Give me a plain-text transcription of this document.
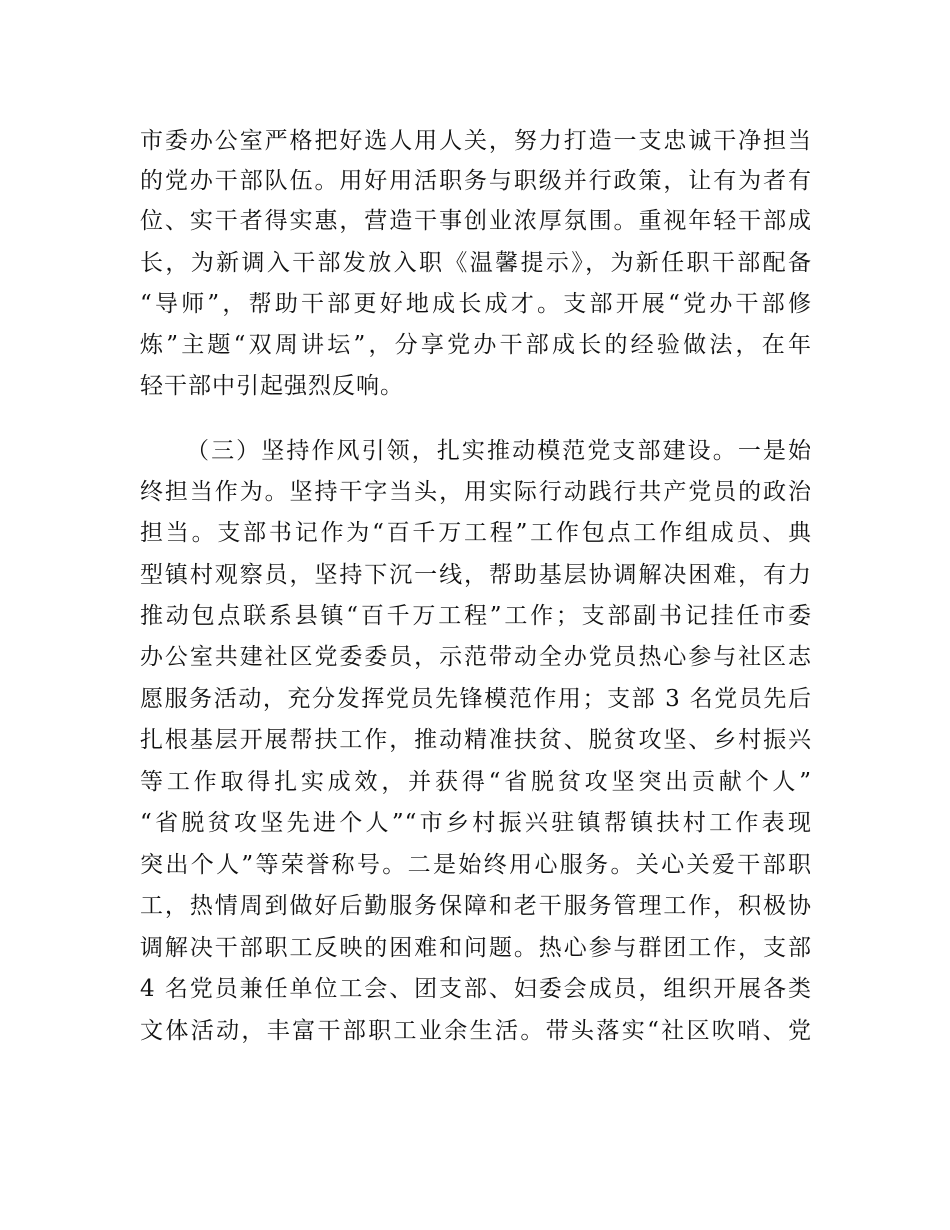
市委办公室严格把好选人用人关，努力打造一支忠诚干净担当
的党办干部队伍。用好用活职务与职级并行政策，让有为者有
位、实干者得实惠，营造干事创业浓厚氛围。重视年轻干部成
长，为新调入干部发放入职《温馨提示》，为新任职干部配备
“导师”，帮助干部更好地成长成才。支部开展“党办干部修
炼”主题“双周讲坛”，分享党办干部成长的经验做法，在年
轻干部中引起强烈反响。
（三）坚持作风引领，扎实推动模范党支部建设。一是始
终担当作为。坚持干字当头，用实际行动践行共产党员的政治
担当。支部书记作为“百千万工程”工作包点工作组成员、典
型镇村观察员，坚持下沉一线，帮助基层协调解决困难，有力
推动包点联系县镇“百千万工程”工作；支部副书记挂任市委
办公室共建社区党委委员，示范带动全办党员热心参与社区志
愿服务活动，充分发挥党员先锋模范作用；支部 3 名党员先后
扎根基层开展帮扶工作，推动精准扶贫、脱贫攻坚、乡村振兴
等工作取得扎实成效，并获得“省脱贫攻坚突出贡献个人”
“省脱贫攻坚先进个人”“市乡村振兴驻镇帮镇扶村工作表现
突出个人”等荣誉称号。二是始终用心服务。关心关爱干部职
工，热情周到做好后勤服务保障和老干服务管理工作，积极协
调解决干部职工反映的困难和问题。热心参与群团工作，支部
4 名党员兼任单位工会、团支部、妇委会成员，组织开展各类
文体活动，丰富干部职工业余生活。带头落实“社区吹哨、党
